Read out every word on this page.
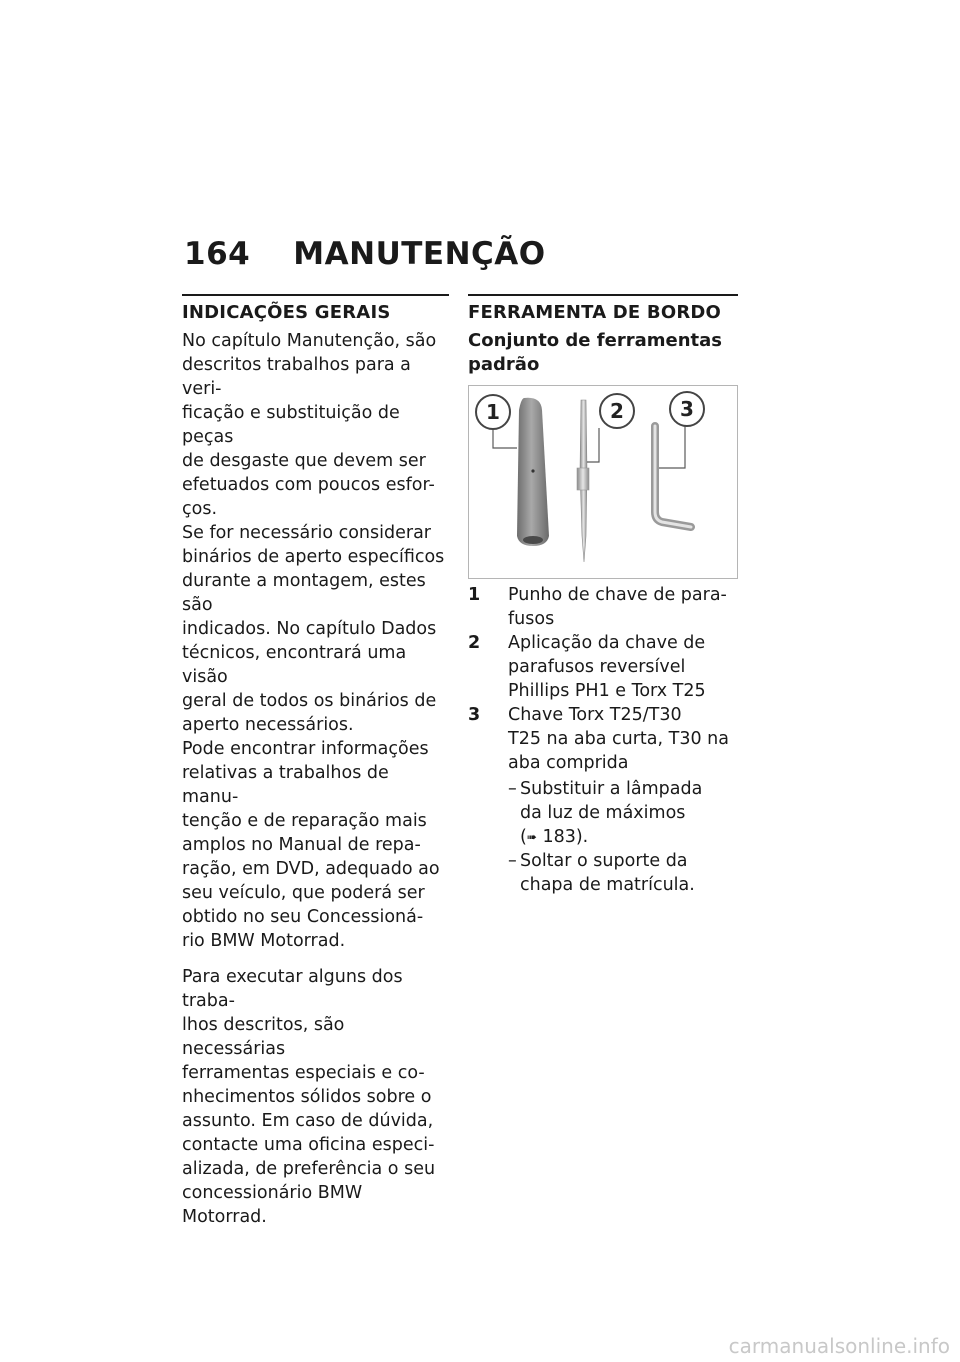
164 MANUTENÇÃO
INDICAÇÕES GERAIS

No capítulo Manutenção, são
descritos trabalhos para a veri-
ficação e substituição de peças
de desgaste que devem ser
efetuados com poucos esfor-
ços.

Se for necessário considerar
binários de aperto específicos
durante a montagem, estes são
indicados. No capítulo Dados
técnicos, encontrará uma visão
geral de todos os binários de
aperto necessários.

Pode encontrar informações
relativas a trabalhos de manu-
tenção e de reparação mais
amplos no Manual de repa-
ração, em DVD, adequado ao
seu veículo, que poderá ser
obtido no seu Concessioná-
rio BMW Motorrad.

Para executar alguns dos traba-
lhos descritos, são necessárias
ferramentas especiais e co-
nhecimentos sólidos sobre o
assunto. Em caso de dúvida,
contacte uma oficina especi-
alizada, de preferência o seu
concessionário BMW Motorrad.

FERRAMENTA DE BORDO
Conjunto de ferramentas
padrão
1	2	3
1	Punho de chave de para-
fusos
2	Aplicação da chave de
parafusos reversível
Phillips PH1 e Torx T25
3	Chave Torx T25/T30
T25 na aba curta, T30 na
aba comprida
– Substituir a lâmpada
da luz de máximos
(➠ 183).
– Soltar o suporte da
chapa de matrícula.
carmanualsonline.info
